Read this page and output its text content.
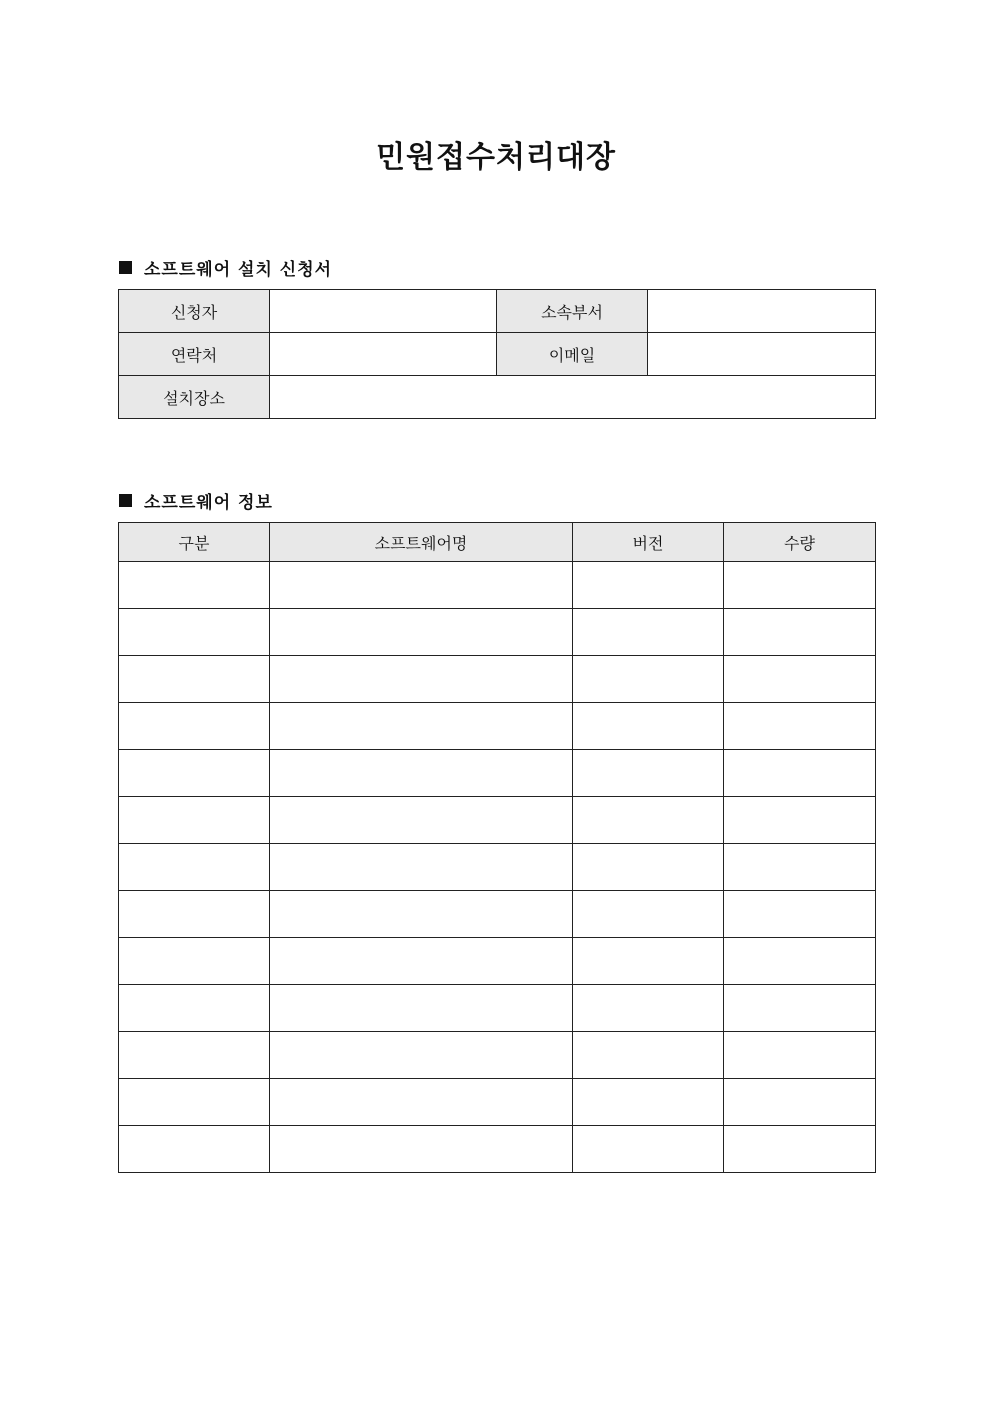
민원접수처리대장
소프트웨어 설치 신청서
신청자		소속부서	
연락처		이메일	
설치장소			
소프트웨어 정보
구분	소프트웨어명	버전	수량
